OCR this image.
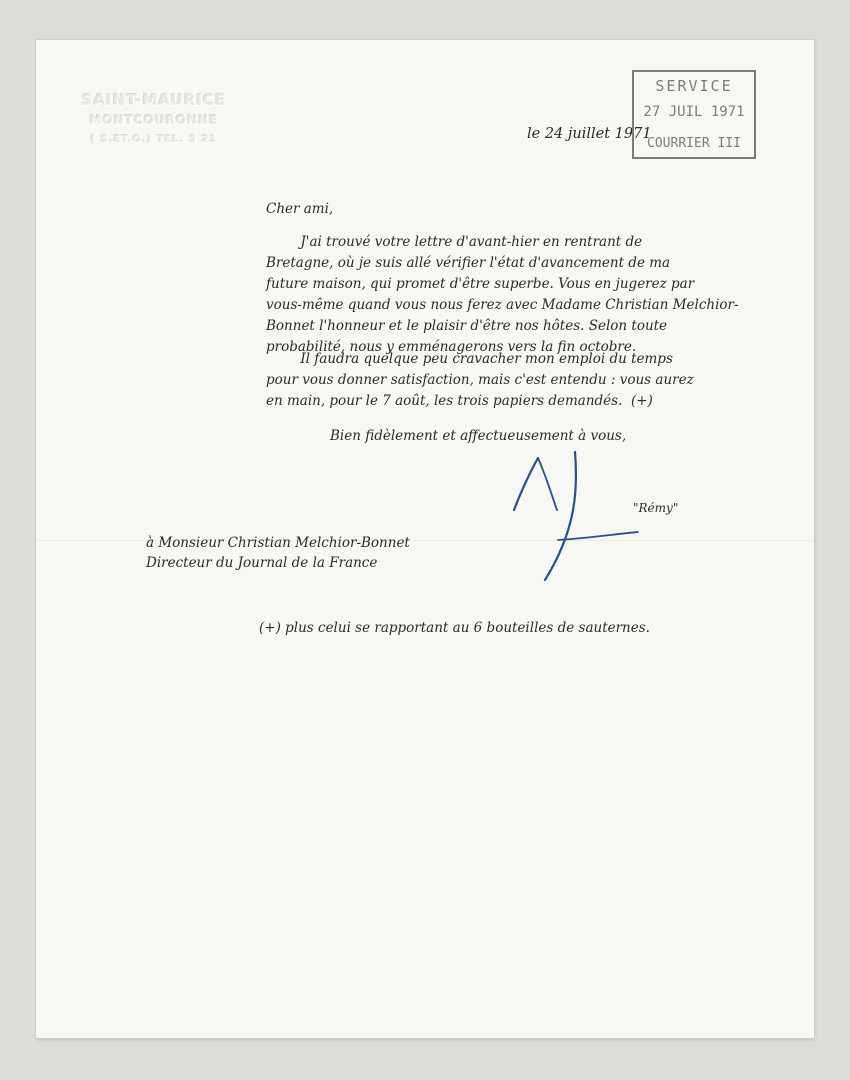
SAINT-MAURICE
MONTCOURONNE
( S.ET.O.) TEL. 3 21	le 24 juillet 1971

SERVICE
27 JUIL 1971
COURRIER III

Cher ami,

J'ai trouvé votre lettre d'avant-hier en rentrant de

Bretagne, où je suis allé vérifier l'état d'avancement de ma

future maison, qui promet d'être superbe. Vous en jugerez par

vous-même quand vous nous ferez avec Madame Christian Melchior-

Bonnet l'honneur et le plaisir d'être nos hôtes. Selon toute

probabilité, nous y emménagerons vers la fin octobre.

Il faudra quelque peu cravacher mon emploi du temps

pour vous donner satisfaction, mais c'est entendu : vous aurez

en main, pour le 7 août, les trois papiers demandés.  (+)

Bien fidèlement et affectueusement à vous,

"Rémy"

à Monsieur Christian Melchior-Bonnet

Directeur du Journal de la France

(+) plus celui se rapportant au 6 bouteilles de sauternes.
